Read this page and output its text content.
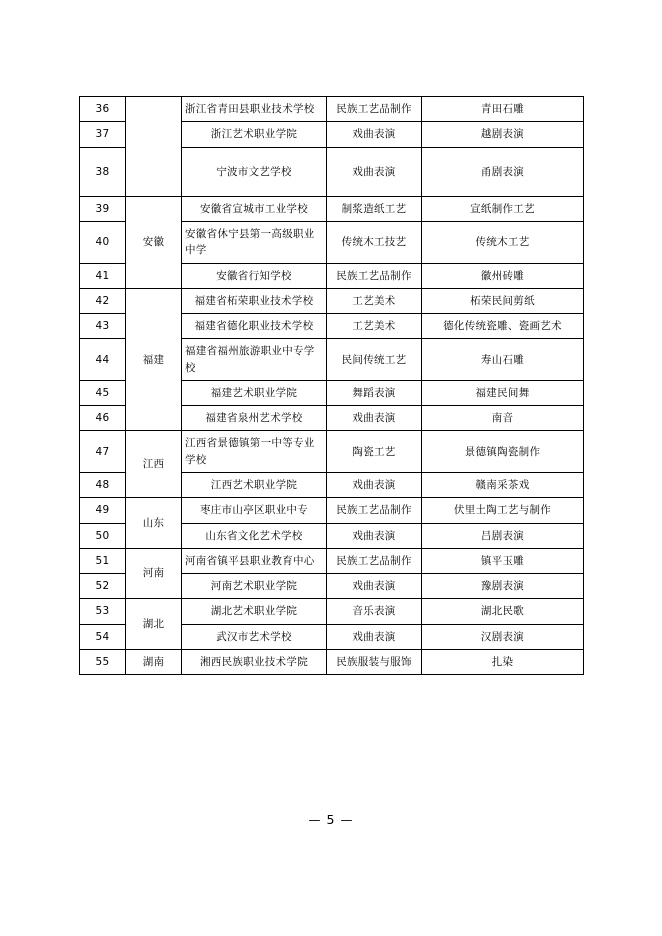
36		浙江省青田县职业技术学校	民族工艺品制作	青田石雕
37		浙江艺术职业学院	戏曲表演	越剧表演
38		宁波市文艺学校	戏曲表演	甬剧表演
39	安徽	安徽省宣城市工业学校	制浆造纸工艺	宣纸制作工艺
40		安徽省休宁县第一高级职业中学	传统木工技艺	传统木工艺
41		安徽省行知学校	民族工艺品制作	徽州砖雕
42	福建	福建省柘荣职业技术学校	工艺美术	柘荣民间剪纸
43		福建省德化职业技术学校	工艺美术	德化传统瓷雕、瓷画艺术
44		福建省福州旅游职业中专学校	民间传统工艺	寿山石雕
45		福建艺术职业学院	舞蹈表演	福建民间舞
46		福建省泉州艺术学校	戏曲表演	南音
47	江西	江西省景德镇第一中等专业学校	陶瓷工艺	景德镇陶瓷制作
48		江西艺术职业学院	戏曲表演	赣南采茶戏
49	山东	枣庄市山亭区职业中专	民族工艺品制作	伏里土陶工艺与制作
50		山东省文化艺术学校	戏曲表演	吕剧表演
51	河南	河南省镇平县职业教育中心	民族工艺品制作	镇平玉雕
52		河南艺术职业学院	戏曲表演	豫剧表演
53	湖北	湖北艺术职业学院	音乐表演	湖北民歌
54		武汉市艺术学校	戏曲表演	汉剧表演
55	湖南	湘西民族职业技术学院	民族服装与服饰	扎染
— 5 —
